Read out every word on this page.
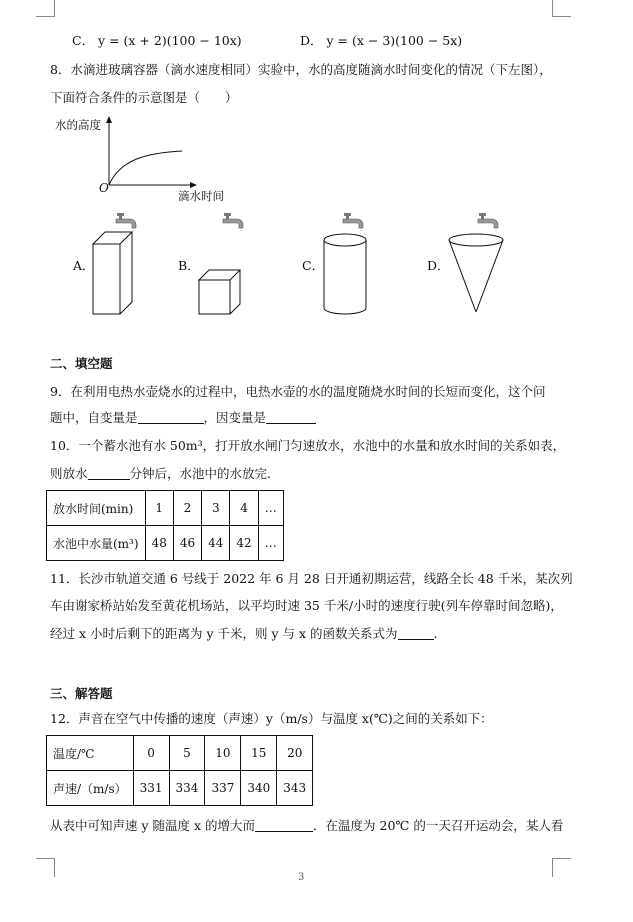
C． y = (x + 2)(100 − 10x)	D． y = (x − 3)(100 − 5x)
8．水滴进玻璃容器（滴水速度相同）实验中，水的高度随滴水时间变化的情况（下左图），
下面符合条件的示意图是（　　）
水的高度
滴水时间
O
A．	B．	C．	D．
二、填空题
9．在利用电热水壶烧水的过程中，电热水壶的水的温度随烧水时间的长短而变化，这个问
题中，自变量是	，因变量是
10．一个蓄水池有水 50m³，打开放水闸门匀速放水，水池中的水量和放水时间的关系如表，
则放水	分钟后，水池中的水放完.
放水时间(min)	1	2	3	4	…
水池中水量(m³)	48	46	44	42	…
11．长沙市轨道交通 6 号线于 2022 年 6 月 28 日开通初期运营，线路全长 48 千米，某次列
车由谢家桥站始发至黄花机场站，以平均时速 35 千米/小时的速度行驶(列车停靠时间忽略)，
经过 x 小时后剩下的距离为 y 千米，则 y 与 x 的函数关系式为	.
三、解答题
12．声音在空气中传播的速度（声速）y（m/s）与温度 x(℃)之间的关系如下：
温度/℃	0	5	10	15	20
声速/（m/s）	331	334	337	340	343
从表中可知声速 y 随温度 x 的增大而	．在温度为 20℃ 的一天召开运动会，某人看
3
